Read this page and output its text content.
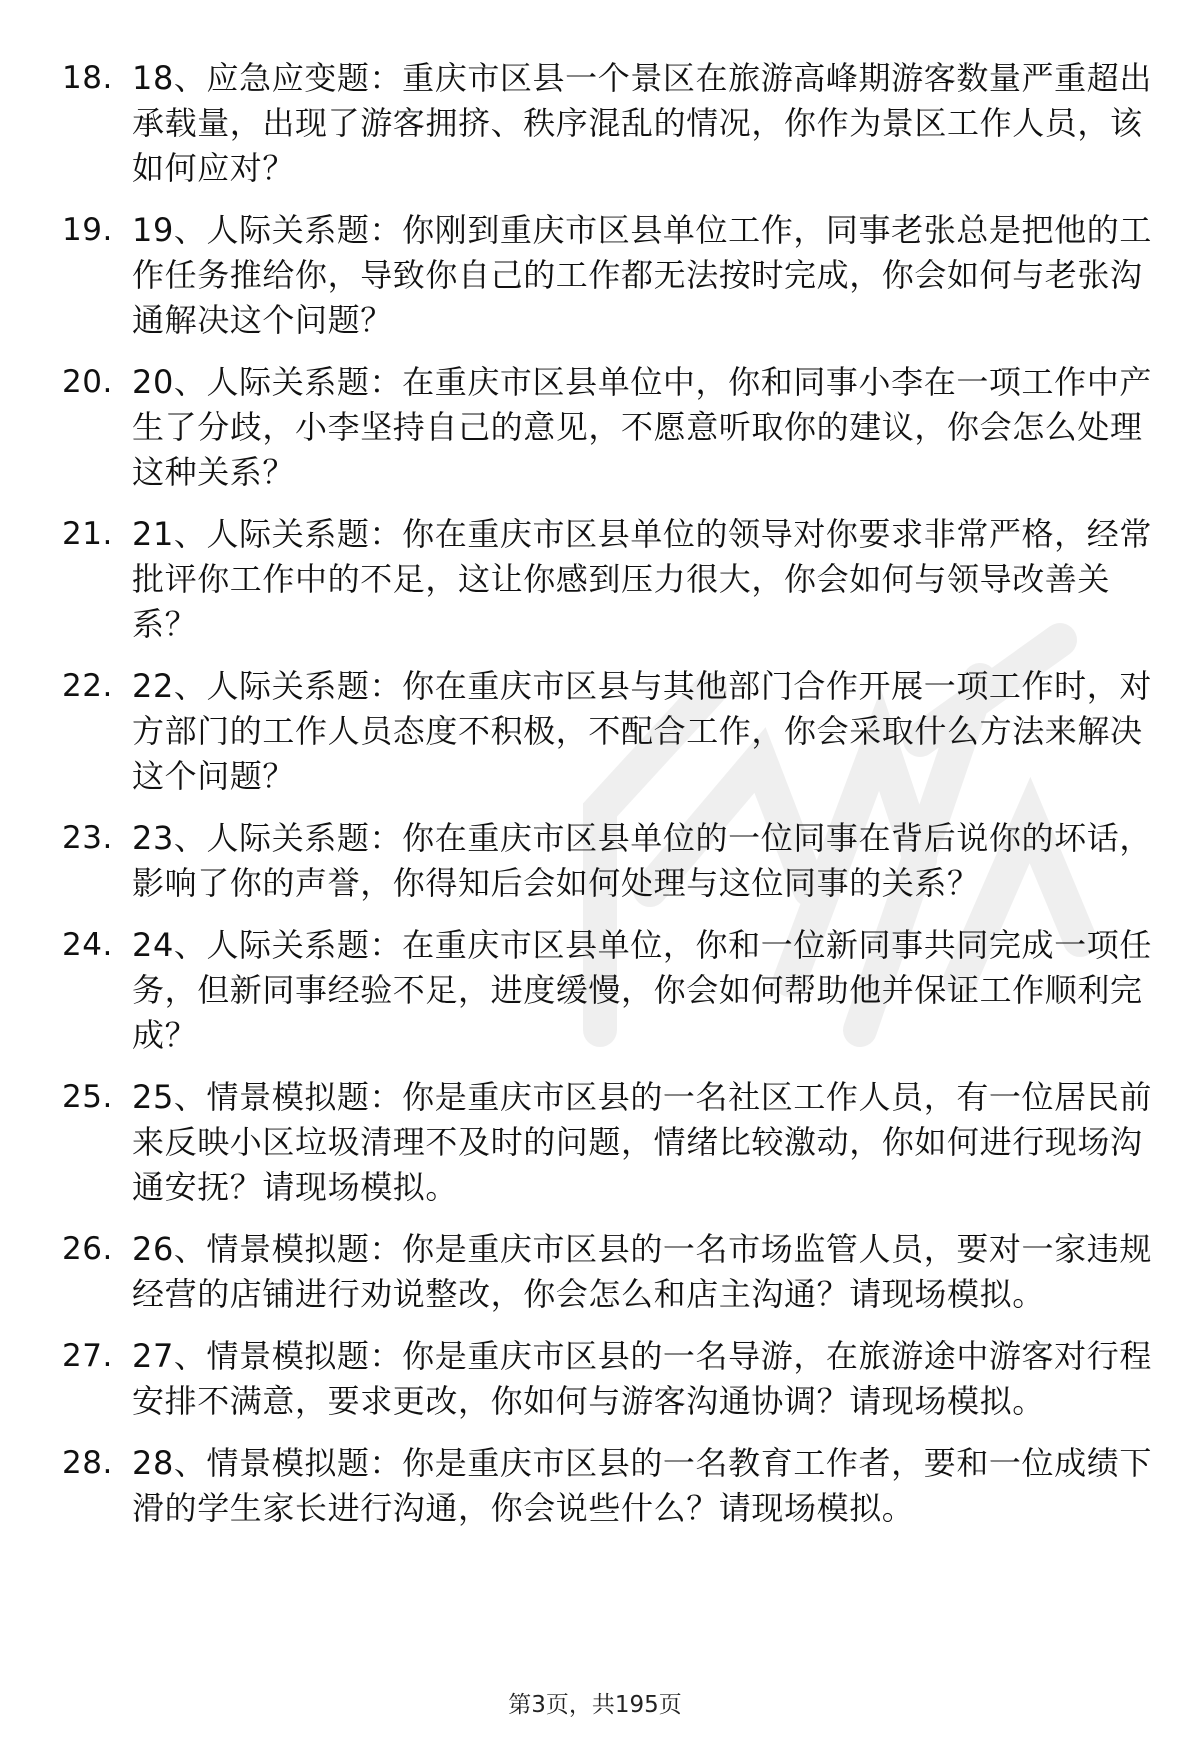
18. 18、应急应变题：重庆市区县一个景区在旅游高峰期游客数量严重超出承载量，出现了游客拥挤、秩序混乱的情况，你作为景区工作人员，该如何应对？
19. 19、人际关系题：你刚到重庆市区县单位工作，同事老张总是把他的工作任务推给你，导致你自己的工作都无法按时完成，你会如何与老张沟通解决这个问题？
20. 20、人际关系题：在重庆市区县单位中，你和同事小李在一项工作中产生了分歧，小李坚持自己的意见，不愿意听取你的建议，你会怎么处理这种关系？
21. 21、人际关系题：你在重庆市区县单位的领导对你要求非常严格，经常批评你工作中的不足，这让你感到压力很大，你会如何与领导改善关系？
22. 22、人际关系题：你在重庆市区县与其他部门合作开展一项工作时，对方部门的工作人员态度不积极，不配合工作，你会采取什么方法来解决这个问题？
23. 23、人际关系题：你在重庆市区县单位的一位同事在背后说你的坏话，影响了你的声誉，你得知后会如何处理与这位同事的关系？
24. 24、人际关系题：在重庆市区县单位，你和一位新同事共同完成一项任务，但新同事经验不足，进度缓慢，你会如何帮助他并保证工作顺利完成？
25. 25、情景模拟题：你是重庆市区县的一名社区工作人员，有一位居民前来反映小区垃圾清理不及时的问题，情绪比较激动，你如何进行现场沟通安抚？请现场模拟。
26. 26、情景模拟题：你是重庆市区县的一名市场监管人员，要对一家违规经营的店铺进行劝说整改，你会怎么和店主沟通？请现场模拟。
27. 27、情景模拟题：你是重庆市区县的一名导游，在旅游途中游客对行程安排不满意，要求更改，你如何与游客沟通协调？请现场模拟。
28. 28、情景模拟题：你是重庆市区县的一名教育工作者，要和一位成绩下滑的学生家长进行沟通，你会说些什么？请现场模拟。
第3页，共195页
